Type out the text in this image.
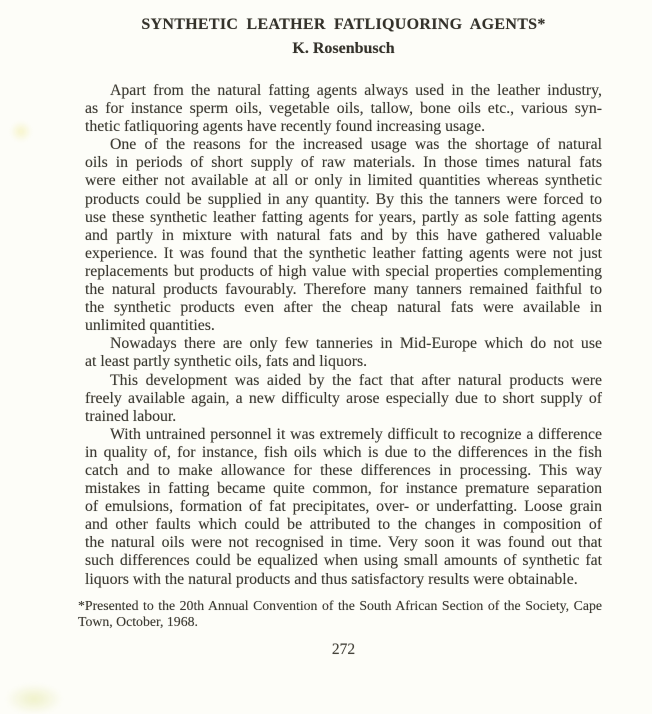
SYNTHETIC LEATHER FATLIQUORING AGENTS*
K. Rosenbusch

Apart from the natural fatting agents always used in the leather industry,
as for instance sperm oils, vegetable oils, tallow, bone oils etc., various syn-
thetic fatliquoring agents have recently found increasing usage.

One of the reasons for the increased usage was the shortage of natural
oils in periods of short supply of raw materials. In those times natural fats
were either not available at all or only in limited quantities whereas synthetic
products could be supplied in any quantity. By this the tanners were forced to
use these synthetic leather fatting agents for years, partly as sole fatting agents
and partly in mixture with natural fats and by this have gathered valuable
experience. It was found that the synthetic leather fatting agents were not just
replacements but products of high value with special properties complementing
the natural products favourably. Therefore many tanners remained faithful to
the synthetic products even after the cheap natural fats were available in
unlimited quantities.

Nowadays there are only few tanneries in Mid-Europe which do not use
at least partly synthetic oils, fats and liquors.

This development was aided by the fact that after natural products were
freely available again, a new difficulty arose especially due to short supply of
trained labour.

With untrained personnel it was extremely difficult to recognize a difference
in quality of, for instance, fish oils which is due to the differences in the fish
catch and to make allowance for these differences in processing. This way
mistakes in fatting became quite common, for instance premature separation
of emulsions, formation of fat precipitates, over- or underfatting. Loose grain
and other faults which could be attributed to the changes in composition of
the natural oils were not recognised in time. Very soon it was found out that
such differences could be equalized when using small amounts of synthetic fat
liquors with the natural products and thus satisfactory results were obtainable.

*Presented to the 20th Annual Convention of the South African Section of the Society, Cape
Town, October, 1968.
272
